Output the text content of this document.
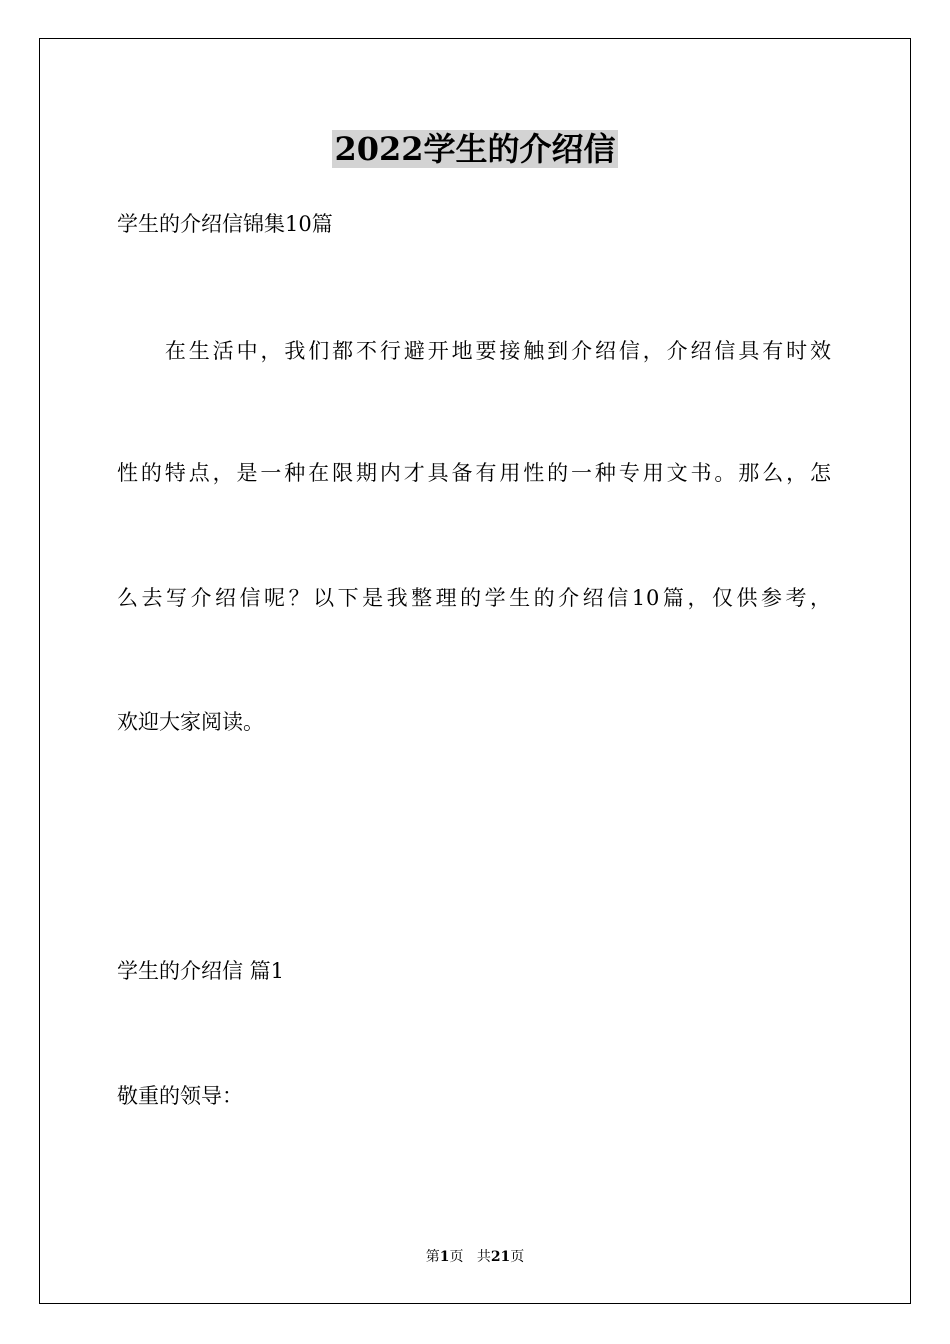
2022学生的介绍信
学生的介绍信锦集10篇
在生活中，我们都不行避开地要接触到介绍信，介绍信具有时效
性的特点，是一种在限期内才具备有用性的一种专用文书。那么，怎
么去写介绍信呢？以下是我整理的学生的介绍信10篇，仅供参考，
欢迎大家阅读。
学生的介绍信 篇1
敬重的领导：
第1页 共21页
